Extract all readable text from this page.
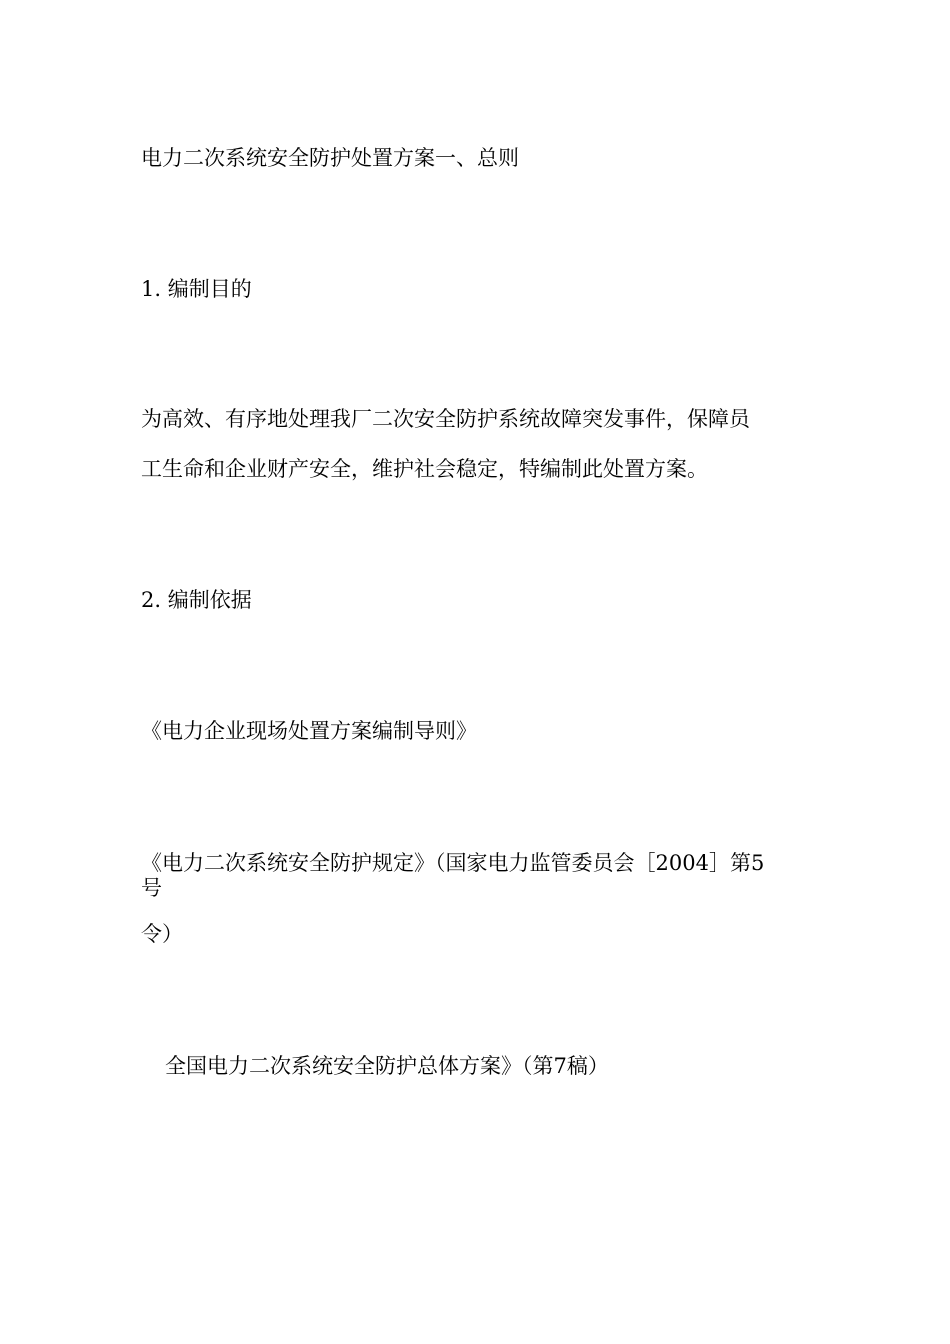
电力二次系统安全防护处置方案一、总则

1. 编制目的

为高效、有序地处理我厂二次安全防护系统故障突发事件，保障员

工生命和企业财产安全，维护社会稳定，特编制此处置方案。

2. 编制依据

《电力企业现场处置方案编制导则》

《电力二次系统安全防护规定》（国家电力监管委员会［2004］第5

号

令）

全国电力二次系统安全防护总体方案》（第7稿）
